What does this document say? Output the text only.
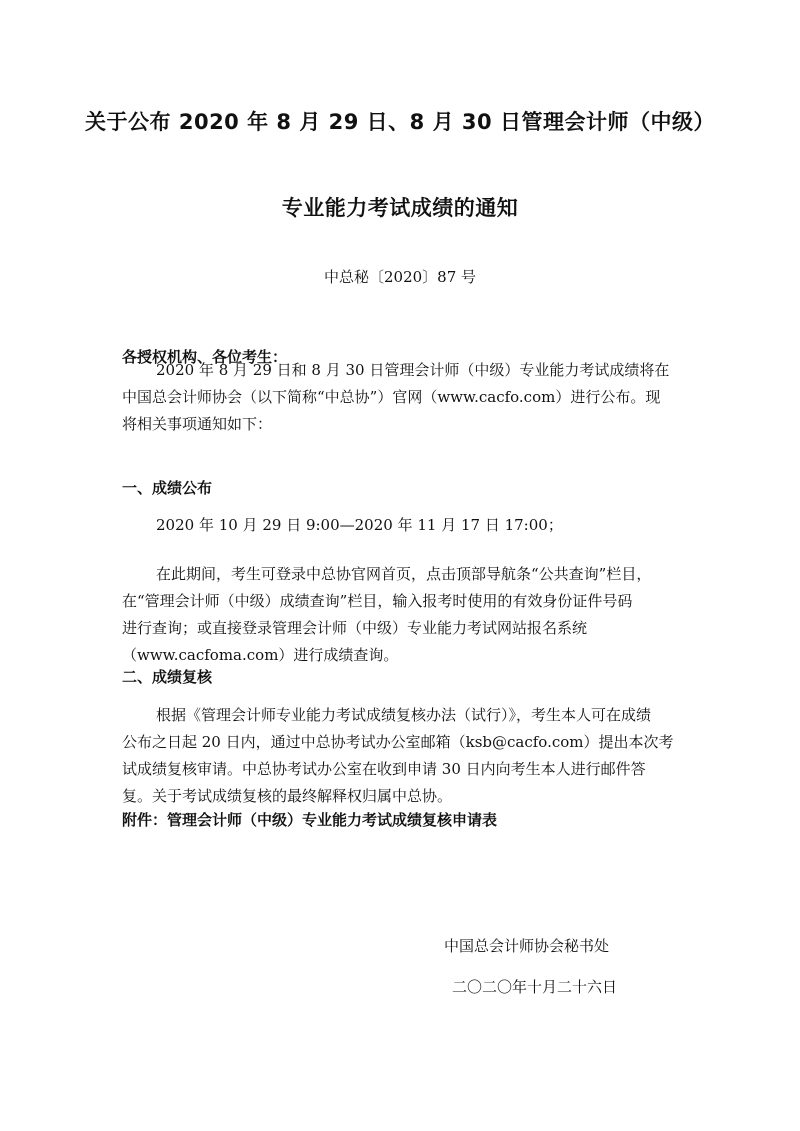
关于公布 2020 年 8 月 29 日、8 月 30 日管理会计师（中级）
专业能力考试成绩的通知
中总秘〔2020〕87 号
各授权机构、各位考生：
2020 年 8 月 29 日和 8 月 30 日管理会计师（中级）专业能力考试成绩将在
中国总会计师协会（以下简称“中总协”）官网（www.cacfo.com）进行公布。现
将相关事项通知如下：
一、成绩公布
2020 年 10 月 29 日 9:00—2020 年 11 月 17 日 17:00；
在此期间，考生可登录中总协官网首页，点击顶部导航条“公共查询”栏目，
在“管理会计师（中级）成绩查询”栏目，输入报考时使用的有效身份证件号码
进行查询；或直接登录管理会计师（中级）专业能力考试网站报名系统
（www.cacfoma.com）进行成绩查询。
二、成绩复核
根据《管理会计师专业能力考试成绩复核办法（试行）》，考生本人可在成绩
公布之日起 20 日内，通过中总协考试办公室邮箱（ksb@cacfo.com）提出本次考
试成绩复核审请。中总协考试办公室在收到申请 30 日内向考生本人进行邮件答
复。关于考试成绩复核的最终解释权归属中总协。
附件：管理会计师（中级）专业能力考试成绩复核申请表
中国总会计师协会秘书处
二〇二〇年十月二十六日
